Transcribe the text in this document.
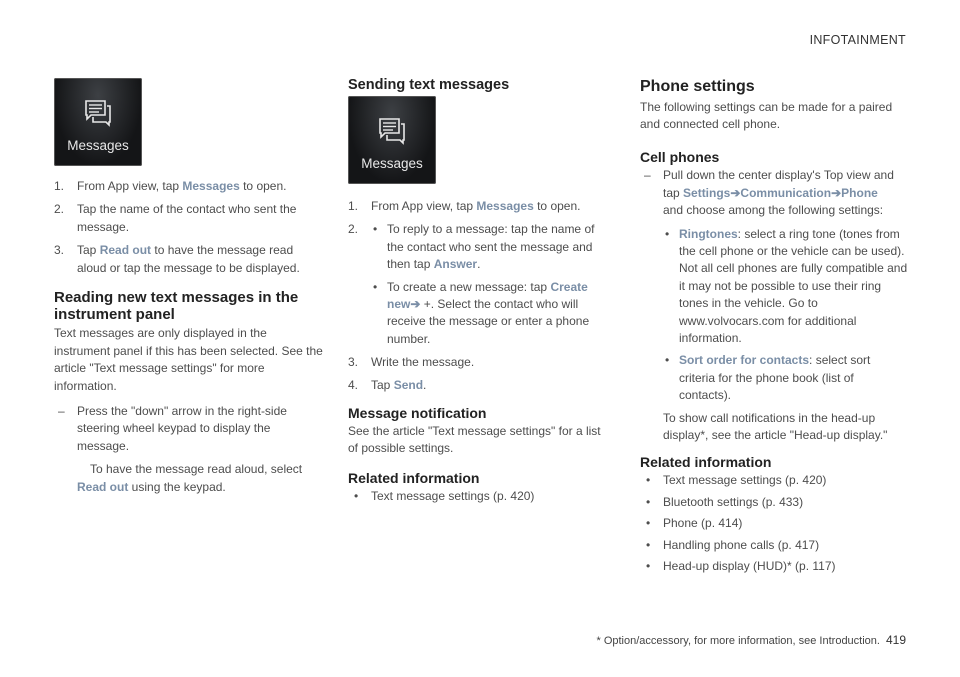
INFOTAINMENT
Messages
1. From App view, tap Messages to open.
2. Tap the name of the contact who sent the message.
3. Tap Read out to have the message read aloud or tap the message to be displayed.
Reading new text messages in the instrument panel

Text messages are only displayed in the instrument panel if this has been selected. See the article "Text message settings" for more information.

– Press the "down" arrow in the right-side steering wheel keypad to display the message.
To have the message read aloud, select Read out using the keypad.
Sending text messages
Messages
1. From App view, tap Messages to open.
2. • To reply to a message: tap the name of the contact who sent the message and then tap Answer.
• To create a new message: tap Create new➔ +. Select the contact who will receive the message or enter a phone number.
3. Write the message.
4. Tap Send.
Message notification

See the article "Text message settings" for a list of possible settings.

Related information
• Text message settings (p. 420)
Phone settings

The following settings can be made for a paired and connected cell phone.

Cell phones
– Pull down the center display's Top view and tap Settings➔Communication➔Phone
and choose among the following settings:
• Ringtones: select a ring tone (tones from the cell phone or the vehicle can be used). Not all cell phones are fully compatible and it may not be possible to use their ring tones in the vehicle. Go to www.volvocars.com for additional information.
• Sort order for contacts: select sort criteria for the phone book (list of contacts).
To show call notifications in the head-up display*, see the article "Head-up display."
Related information
• Text message settings (p. 420)
• Bluetooth settings (p. 433)
• Phone (p. 414)
• Handling phone calls (p. 417)
• Head-up display (HUD)* (p. 117)
* Option/accessory, for more information, see Introduction. 419
